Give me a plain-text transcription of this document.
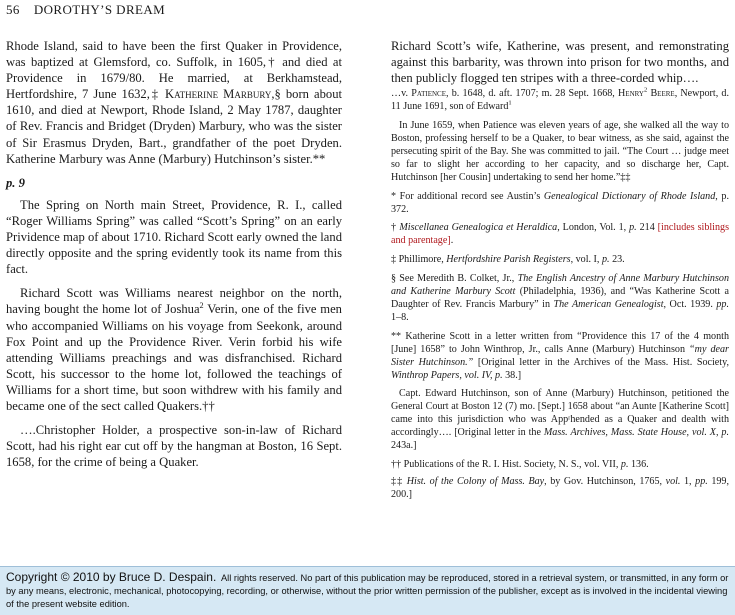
56 DOROTHY’S DREAM

Rhode Island, said to have been the first Quaker in Providence, was baptized at Glemsford, co. Suffolk, in 1605,† and died at Providence in 1679/80. He married, at Berkhamstead, Hertfordshire, 7 June 1632,‡ Katherine Marbury,§ born about 1610, and died at Newport, Rhode Island, 2 May 1787, daughter of Rev. Francis and Bridget (Dryden) Marbury, who was the sister of Sir Erasmus Dryden, Bart., grandfather of the poet Dryden. Katherine Marbury was Anne (Marbury) Hutchinson’s sister.**

p. 9

The Spring on North main Street, Providence, R. I., called “Roger Williams Spring” was called “Scott’s Spring” on an early Prividence map of about 1710. Richard Scott early owned the land directly opposite and the spring evidently took its name from this fact.

Richard Scott was Williams nearest neighbor on the north, having bought the home lot of Joshua$^2$ Verin, one of the five men who accompanied Williams on his voyage from Seekonk, around Fox Point and up the Providence River. Verin forbid his wife attending Williams preachings and was disfranchised. Richard Scott, his successor to the home lot, followed the teachings of Williams for a short time, but soon withdrew with his family and became one of the sect called Quakers.††

….Christopher Holder, a prospective son-in-law of Richard Scott, had his right ear cut off by the hangman at Boston, 16 Sept. 1658, for the crime of being a Quaker.

Richard Scott’s wife, Katherine, was present, and remonstrating against this barbarity, was thrown into prison for two months, and then publicly flogged ten stripes with a three-corded whip….

…v. Patience, b. 1648, d. aft. 1707; m. 28 Sept. 1668, Henry$^2$ Beere, Newport, d. 11 June 1691, son of Edward$^1$
In June 1659, when Patience was eleven years of age, she walked all the way to Boston, professing herself to be a Quaker, to bear witness, as she said, against the persecuting spirit of the Bay. She was committed to jail. “The Court … judge meet so far to slight her according to her capacity, and so discharge her, Capt. Hutchinson [her Cousin] undertaking to send her home.”‡‡
* For additional record see Austin’s Genealogical Dictionary of Rhode Island, p. 372.
† Miscellanea Genealogica et Heraldica, London, Vol. 1, p. 214 [includes siblings and parentage].
‡ Phillimore, Hertfordshire Parish Registers, vol. I, p. 23.
§ See Meredith B. Colket, Jr., The English Ancestry of Anne Marbury Hutchinson and Katherine Marbury Scott (Philadelphia, 1936), and “Was Katherine Scott a Daughter of Rev. Francis Marbury” in The American Genealogist, Oct. 1939. pp. 1–8.
** Katherine Scott in a letter written from “Providence this 17 of the 4 month [June] 1658” to John Winthrop, Jr., calls Anne (Marbury) Hutchinson “my dear Sister Hutchinson.” [Original letter in the Archives of the Mass. Hist. Society, Winthrop Papers, vol. IV, p. 38.]
Capt. Edward Hutchinson, son of Anne (Marbury) Hutchinson, petitioned the General Court at Boston 12 (7) mo. [Sept.] 1658 about “an Aunte [Katherine Scott] came into this jurisdiction who was Appʳhended as a Quaker and dealth with accordingly…. [Original letter in the Mass. Archives, Mass. State House, vol. X, p. 243a.]
†† Publications of the R. I. Hist. Society, N. S., vol. VII, p. 136.
‡‡ Hist. of the Colony of Mass. Bay, by Gov. Hutchinson, 1765, vol. 1, pp. 199, 200.]
Copyright © 2010 by Bruce D. Despain. All rights reserved. No part of this publication may be reproduced, stored in a retrieval system, or transmitted, in any form or by any means, electronic, mechanical, photocopying, recording, or otherwise, without the prior written permission of the publisher, except as is involved in the incidental viewing of the present website edition.
